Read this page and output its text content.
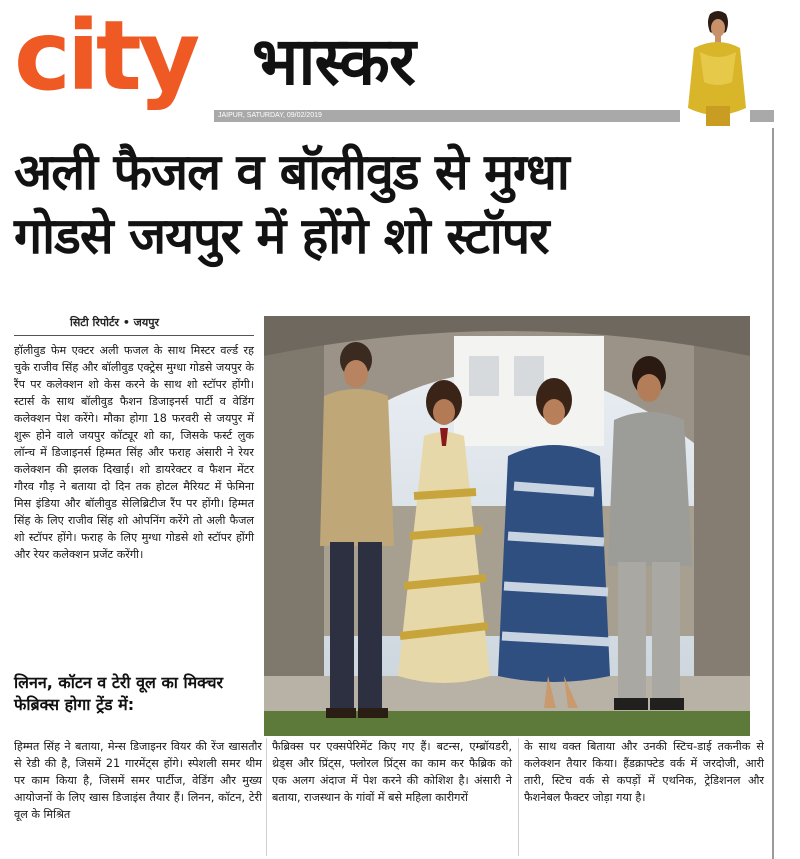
city भास्कर
JAIPUR, SATURDAY, 09/02/2019
अली फैजल व बॉलीवुड से मुग्धा
गोडसे जयपुर में होंगे शो स्टॉपर
सिटी रिपोर्टर • जयपुर
हॉलीवुड फेम एक्टर अली फजल के साथ मिस्टर वर्ल्ड रह चुके राजीव सिंह और बॉलीवुड एक्ट्रेस मुग्धा गोडसे जयपुर के रैंप पर कलेक्शन शो केस करने के साथ शो स्टॉपर होंगी। स्टार्स के साथ बॉलीवुड फैशन डिजाइनर्स पार्टी व वेडिंग कलेक्शन पेश करेंगे। मौका होगा 18 फरवरी से जयपुर में शुरू होने वाले जयपुर कॉट्यूर शो का, जिसके फर्स्ट लुक लॉन्च में डिजाइनर्स हिम्मत सिंह और फराह अंसारी ने रेयर कलेक्शन की झलक दिखाई। शो डायरेक्टर व फैशन मेंटर गौरव गौड़ ने बताया दो दिन तक होटल मैरियट में फेमिना मिस इंडिया और बॉलीवुड सेलिब्रिटीज रैंप पर होंगी। हिम्मत सिंह के लिए राजीव सिंह शो ओपनिंग करेंगे तो अली फैजल शो स्टॉपर होंगे। फराह के लिए मुग्धा गोडसे शो स्टॉपर होंगी और रेयर कलेक्शन प्रजेंट करेंगी।
लिनन, कॉटन व टेरी वूल का मिक्चर फेब्रिक्स होगा ट्रेंड में:
हिम्मत सिंह ने बताया, मेन्स डिजाइनर वियर की रेंज खासतौर से रेडी की है, जिसमें 21 गारमेंट्स होंगे। स्पेशली समर थीम पर काम किया है, जिसमें समर पार्टीज, वेडिंग और मुख्य आयोजनों के लिए खास डिजाइंस तैयार हैं। लिनन, कॉटन, टेरी वूल के मिश्रित
फैब्रिक्स पर एक्सपेरिमेंट किए गए हैं। बटन्स, एम्ब्रॉयडरी, थ्रेड्स और प्रिंट्स, फ्लोरल प्रिंट्स का काम कर फैब्रिक को एक अलग अंदाज में पेश करने की कोशिश है। अंसारी ने बताया, राजस्थान के गांवों में बसे महिला कारीगरों
के साथ वक्त बिताया और उनकी स्टिच-डाई तकनीक से कलेक्शन तैयार किया। हैंडक्राफ्टेड वर्क में जरदोजी, आरी तारी, स्टिच वर्क से कपड़ों में एथनिक, ट्रेडिशनल और फैशनेबल फैक्टर जोड़ा गया है।
